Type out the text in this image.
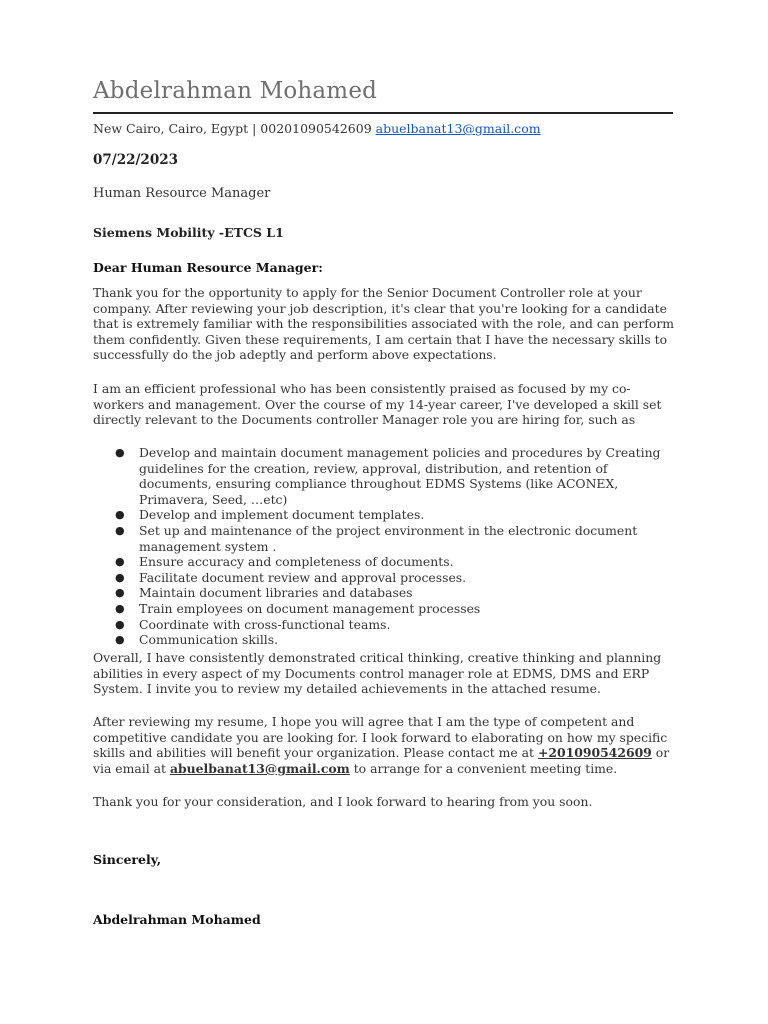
Abdelrahman Mohamed
New Cairo, Cairo, Egypt | 00201090542609 abuelbanat13@gmail.com
07/22/2023
Human Resource Manager
Siemens Mobility -ETCS L1
Dear Human Resource Manager:
Thank you for the opportunity to apply for the Senior Document Controller role at your company. After reviewing your job description, it's clear that you're looking for a candidate that is extremely familiar with the responsibilities associated with the role, and can perform them confidently. Given these requirements, I am certain that I have the necessary skills to successfully do the job adeptly and perform above expectations.
I am an efficient professional who has been consistently praised as focused by my co-workers and management. Over the course of my 14-year career, I've developed a skill set directly relevant to the Documents controller Manager role you are hiring for, such as
● Develop and maintain document management policies and procedures by Creating guidelines for the creation, review, approval, distribution, and retention of documents, ensuring compliance throughout EDMS Systems (like ACONEX, Primavera, Seed, …etc)
● Develop and implement document templates.
● Set up and maintenance of the project environment in the electronic document management system .
● Ensure accuracy and completeness of documents.
● Facilitate document review and approval processes.
● Maintain document libraries and databases
● Train employees on document management processes
● Coordinate with cross-functional teams.
● Communication skills.
Overall, I have consistently demonstrated critical thinking, creative thinking and planning abilities in every aspect of my Documents control manager role at EDMS, DMS and ERP System. I invite you to review my detailed achievements in the attached resume.
After reviewing my resume, I hope you will agree that I am the type of competent and competitive candidate you are looking for. I look forward to elaborating on how my specific skills and abilities will benefit your organization. Please contact me at +201090542609 or via email at abuelbanat13@gmail.com to arrange for a convenient meeting time.
Thank you for your consideration, and I look forward to hearing from you soon.
Sincerely,
Abdelrahman Mohamed
